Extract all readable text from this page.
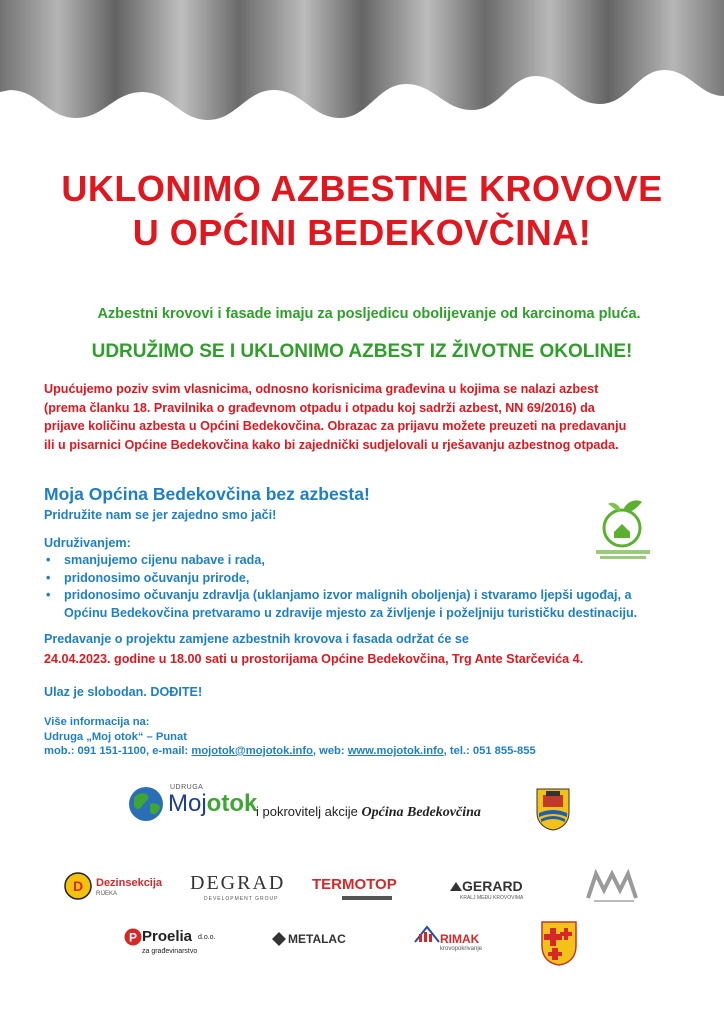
UKLONIMO AZBESTNE KROVOVE
U OPĆINI BEDEKOVČINA!
Azbestni krovovi i fasade imaju za posljedicu obolijevanje od karcinoma pluća.
UDRUŽIMO SE I UKLONIMO AZBEST IZ ŽIVOTNE OKOLINE!
Upućujemo poziv svim vlasnicima, odnosno korisnicima građevina u kojima se nalazi azbest
(prema članku 18. Pravilnika o građevnom otpadu i otpadu koj sadrži azbest, NN 69/2016) da
prijave količinu azbesta u Općini Bedekovčina. Obrazac za prijavu možete preuzeti na predavanju
ili u pisarnici Općine Bedekovčina kako bi zajednički sudjelovali u rješavanju azbestnog otpada.
Moja Općina Bedekovčina bez azbesta!
Pridružite nam se jer zajedno smo jači!
Udruživanjem:
• smanjujemo cijenu nabave i rada,
• pridonosimo očuvanju prirode,
• pridonosimo očuvanju zdravlja (uklanjamo izvor malignih oboljenja) i stvaramo ljepši ugođaj, a
Općinu Bedekovčina pretvaramo u zdravije mjesto za življenje i poželjniju turističku destinaciju.
Predavanje o projektu zamjene azbestnih krovova i fasada održat će se
24.04.2023. godine u 18.00 sati u prostorijama Općine Bedekovčina, Trg Ante Starčevića 4.
Ulaz je slobodan. DOĐITE!
Više informacija na:
Udruga „Moj otok“ – Punat
mob.: 091 151-1100, e-mail: mojotok@mojotok.info, web: www.mojotok.info, tel.: 051 855-855
UDRUGA
Mojotok
i pokrovitelj akcije Općina Bedekovčina
D Dezinsekcija
RIJEKA	DEGRAD
DEVELOPMENT GROUP
TERMOTOP	GERARD
KRALJ MEĐU KROVOVIMA
P Proelia d.o.o.
za građevinarstvo
METALAC	RIMAK
krovopokrivanje
